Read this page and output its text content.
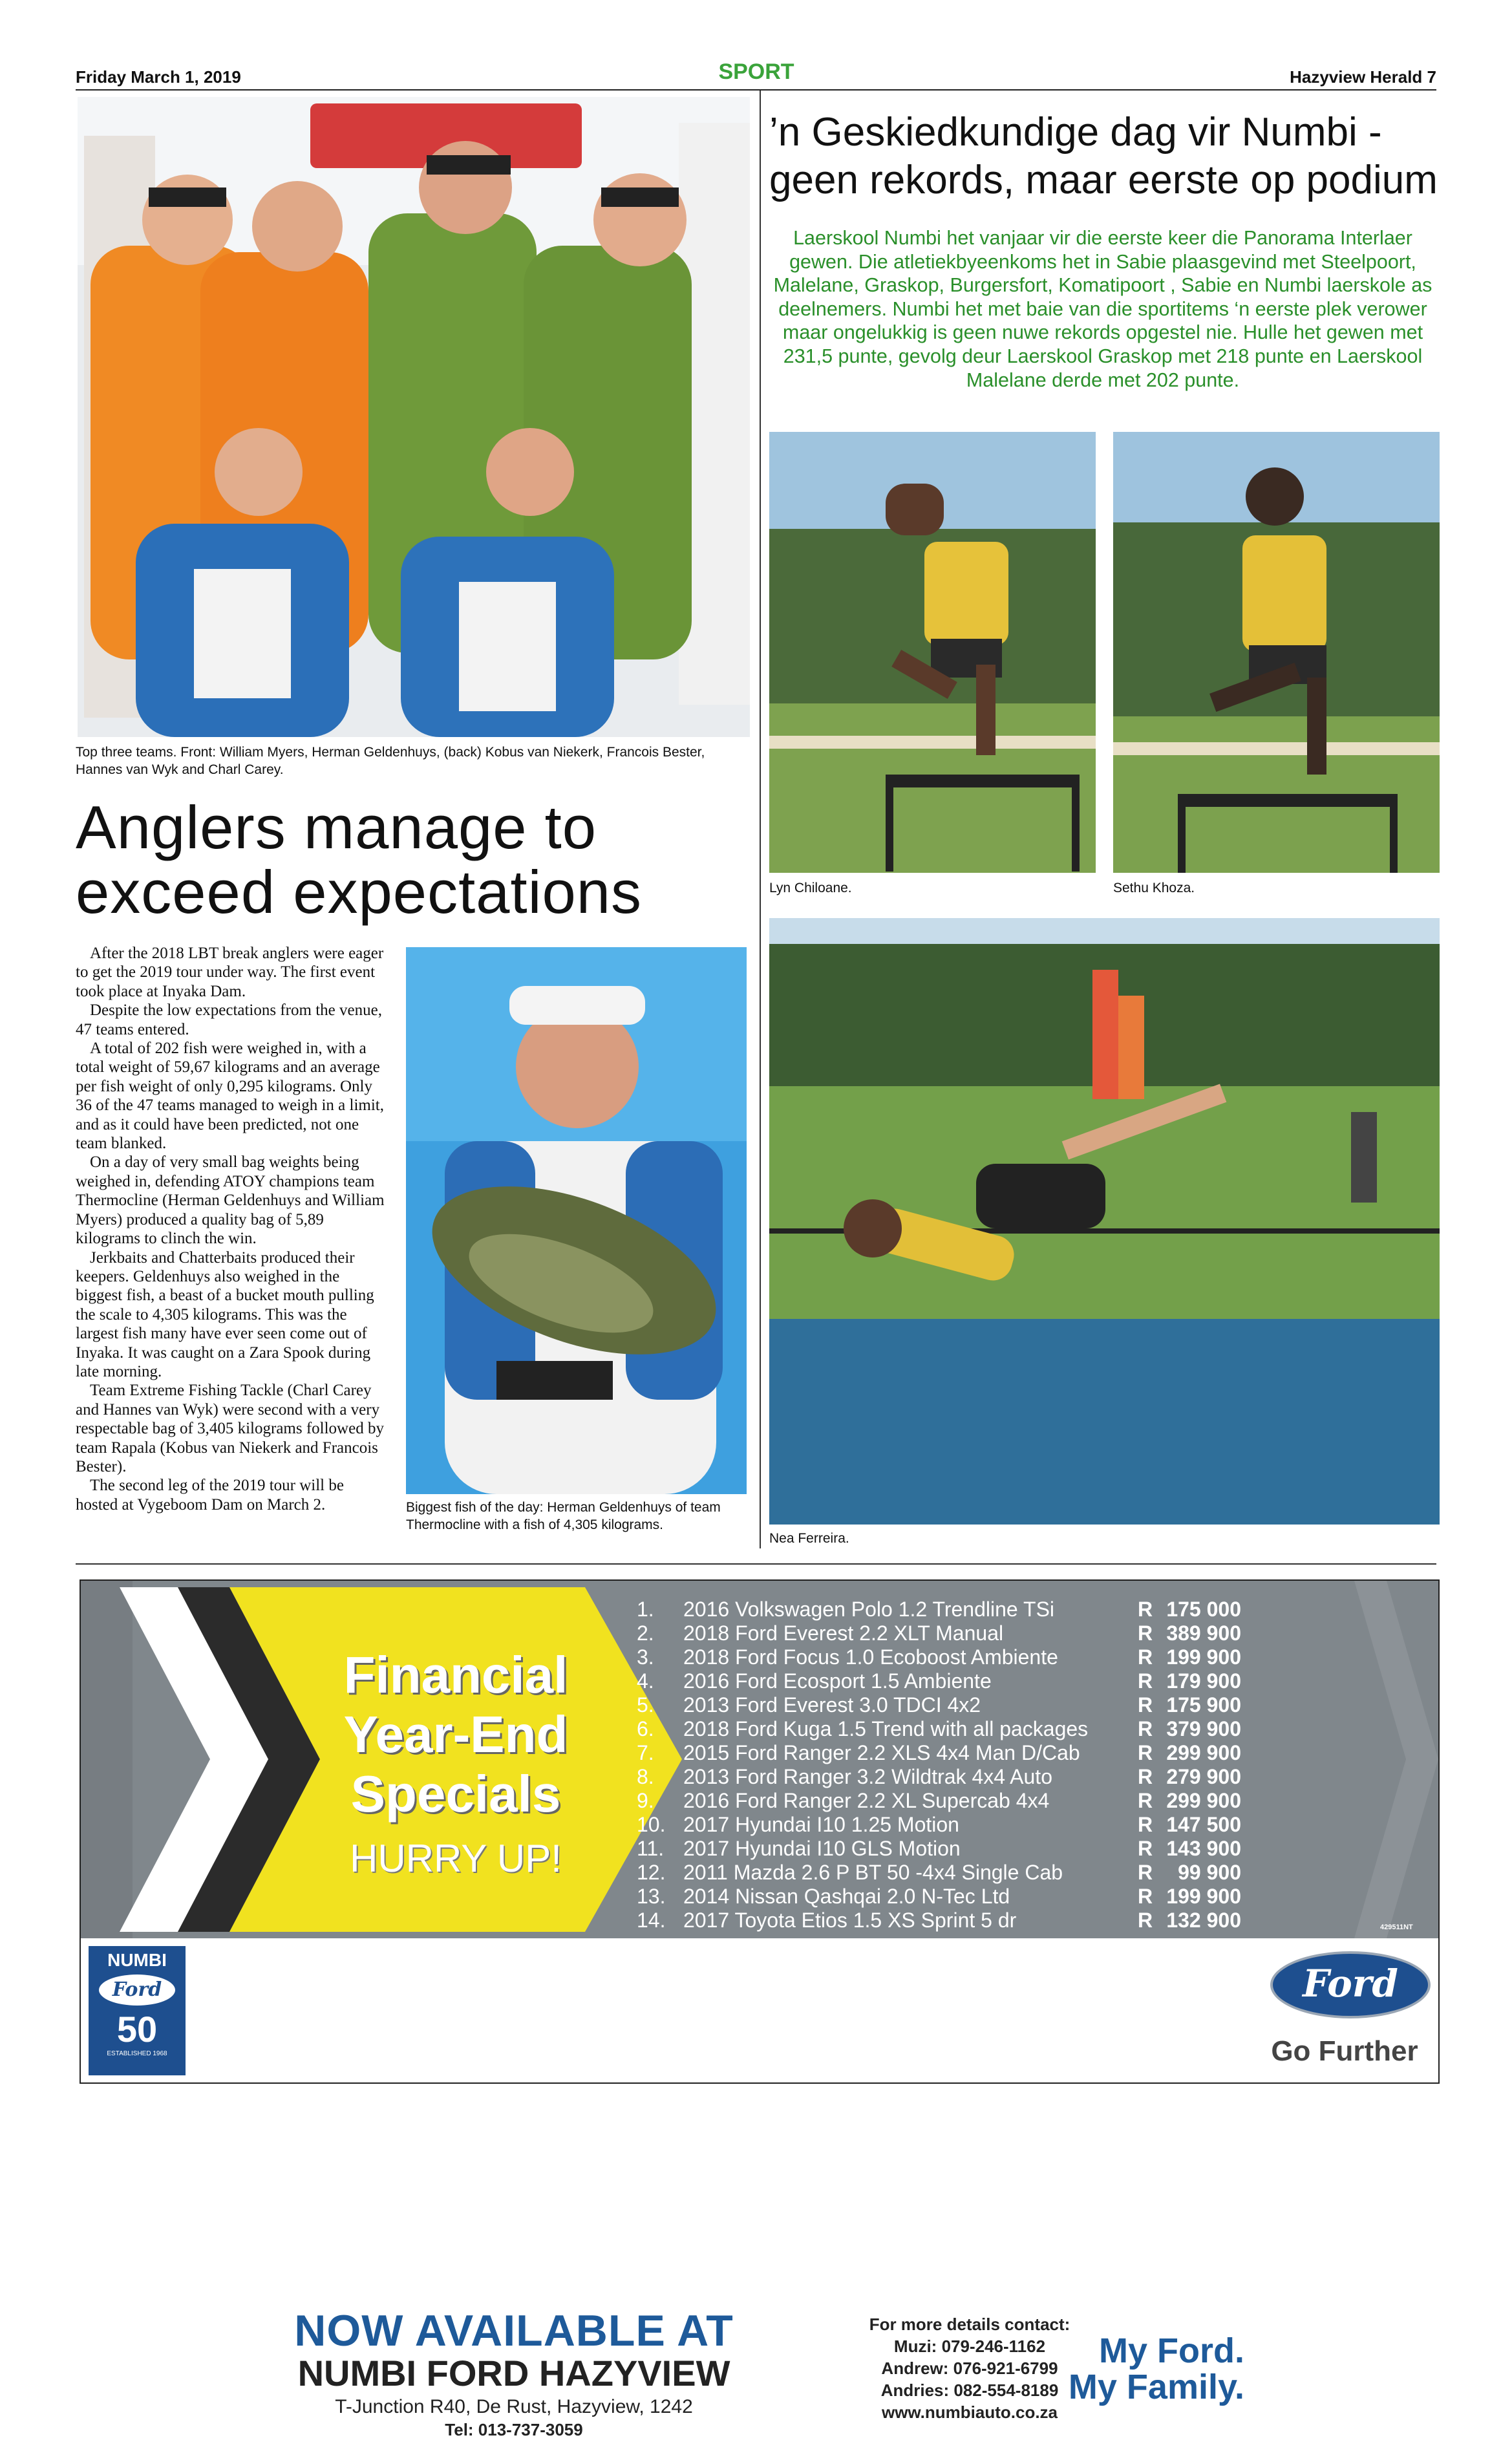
Friday March 1, 2019	SPORT	Hazyview Herald 7
Top three teams. Front: William Myers, Herman Geldenhuys, (back) Kobus van Niekerk, Francois Bester, Hannes van Wyk and Charl Carey.
Anglers manage to
exceed expectations

After the 2018 LBT break anglers were eager to get the 2019 tour under way. The first event took place at Inyaka Dam.

Despite the low expectations from the venue, 47 teams entered.

A total of 202 fish were weighed in, with a total weight of 59,67 kilograms and an average per fish weight of only 0,295 kilograms. Only 36 of the 47 teams managed to weigh in a limit, and as it could have been predicted, not one team blanked.

On a day of very small bag weights being weighed in, defending ATOY champions team Thermocline (Herman Geldenhuys and William Myers) produced a quality bag of 5,89 kilograms to clinch the win.

Jerkbaits and Chatterbaits produced their keepers. Geldenhuys also weighed in the biggest fish, a beast of a bucket mouth pulling the scale to 4,305 kilograms. This was the largest fish many have ever seen come out of Inyaka. It was caught on a Zara Spook during late morning.

Team Extreme Fishing Tackle (Charl Carey and Hannes van Wyk) were second with a very respectable bag of 3,405 kilograms followed by team Rapala (Kobus van Niekerk and Francois Bester).

The second leg of the 2019 tour will be hosted at Vygeboom Dam on March 2.	Biggest fish of the day: Herman Geldenhuys of team Thermocline with a fish of 4,305 kilograms.
’n Geskiedkundige dag vir Numbi - geen rekords, maar eerste op podium
Laerskool Numbi het vanjaar vir die eerste keer die Panorama Interlaer gewen. Die atletiekbyeenkoms het in Sabie plaasgevind met Steelpoort, Malelane, Graskop, Burgersfort, Komatipoort , Sabie en Numbi laerskole as deelnemers. Numbi het met baie van die sportitems ‘n eerste plek verower maar ongelukkig is geen nuwe rekords opgestel nie. Hulle het gewen met 231,5 punte, gevolg deur Laerskool Graskop met 218 punte en Laerskool Malelane derde met 202 punte.
Lyn Chiloane.	Sethu Khoza.
Nea Ferreira.
Financial
Year-End
Specials
HURRY UP!
1.	2016 Volkswagen Polo 1.2 Trendline TSi	R 175 000
2.	2018 Ford Everest 2.2 XLT Manual	R 389 900
3.	2018 Ford Focus 1.0 Ecoboost Ambiente	R 199 900
4.	2016 Ford Ecosport 1.5 Ambiente	R 179 900
5.	2013 Ford Everest 3.0 TDCI 4x2	R 175 900
6.	2018 Ford Kuga 1.5 Trend with all packages R 379 900
7.	2015 Ford Ranger 2.2 XLS 4x4 Man D/Cab	R 299 900
8.	2013 Ford Ranger 3.2 Wildtrak 4x4 Auto	R 279 900
9.	2016 Ford Ranger 2.2 XL Supercab 4x4	R 299 900
10. 2017 Hyundai I10 1.25 Motion	R 147 500
11. 2017 Hyundai I10 GLS Motion	R 143 900
12. 2011 Mazda 2.6 P BT 50 -4x4 Single Cab	R	99 900
13. 2014 Nissan Qashqai 2.0 N-Tec Ltd	R 199 900
14. 2017 Toyota Etios 1.5 XS Sprint 5 dr	R 132 900	429511NT
NUMBI
Ford
50
ESTABLISHED 1968
NOW AVAILABLE AT
NUMBI FORD HAZYVIEW
T-Junction R40, De Rust, Hazyview, 1242
Tel: 013-737-3059
For more details contact:
Muzi: 079-246-1162
Andrew: 076-921-6799
Andries: 082-554-8189
www.numbiauto.co.za
My Ford.
My Family.
Ford
Go Further
